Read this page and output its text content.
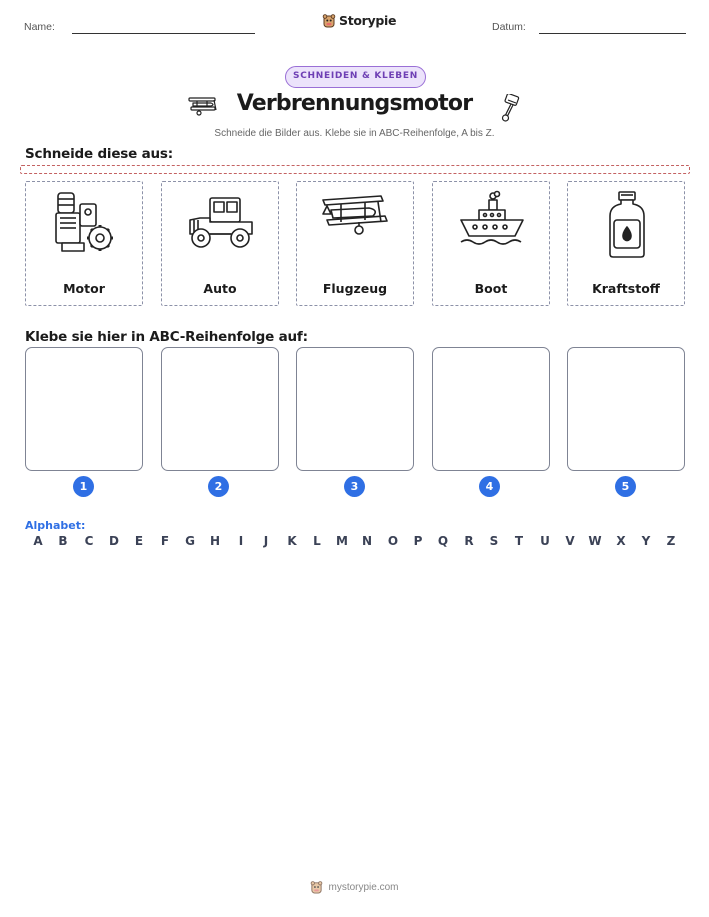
Name:	Storypie	Datum:
SCHNEIDEN & KLEBEN
Verbrennungsmotor
Schneide die Bilder aus. Klebe sie in ABC-Reihenfolge, A bis Z.
Schneide diese aus:
Motor	Auto	Flugzeug	Boot	Kraftstoff
Klebe sie hier in ABC-Reihenfolge auf:
1	2	3	4	5
Alphabet:
A B C D	E	F	G H	I	J	K	L	M N O P	Q R	S	T	U V W X	Y	Z
mystorypie.com
